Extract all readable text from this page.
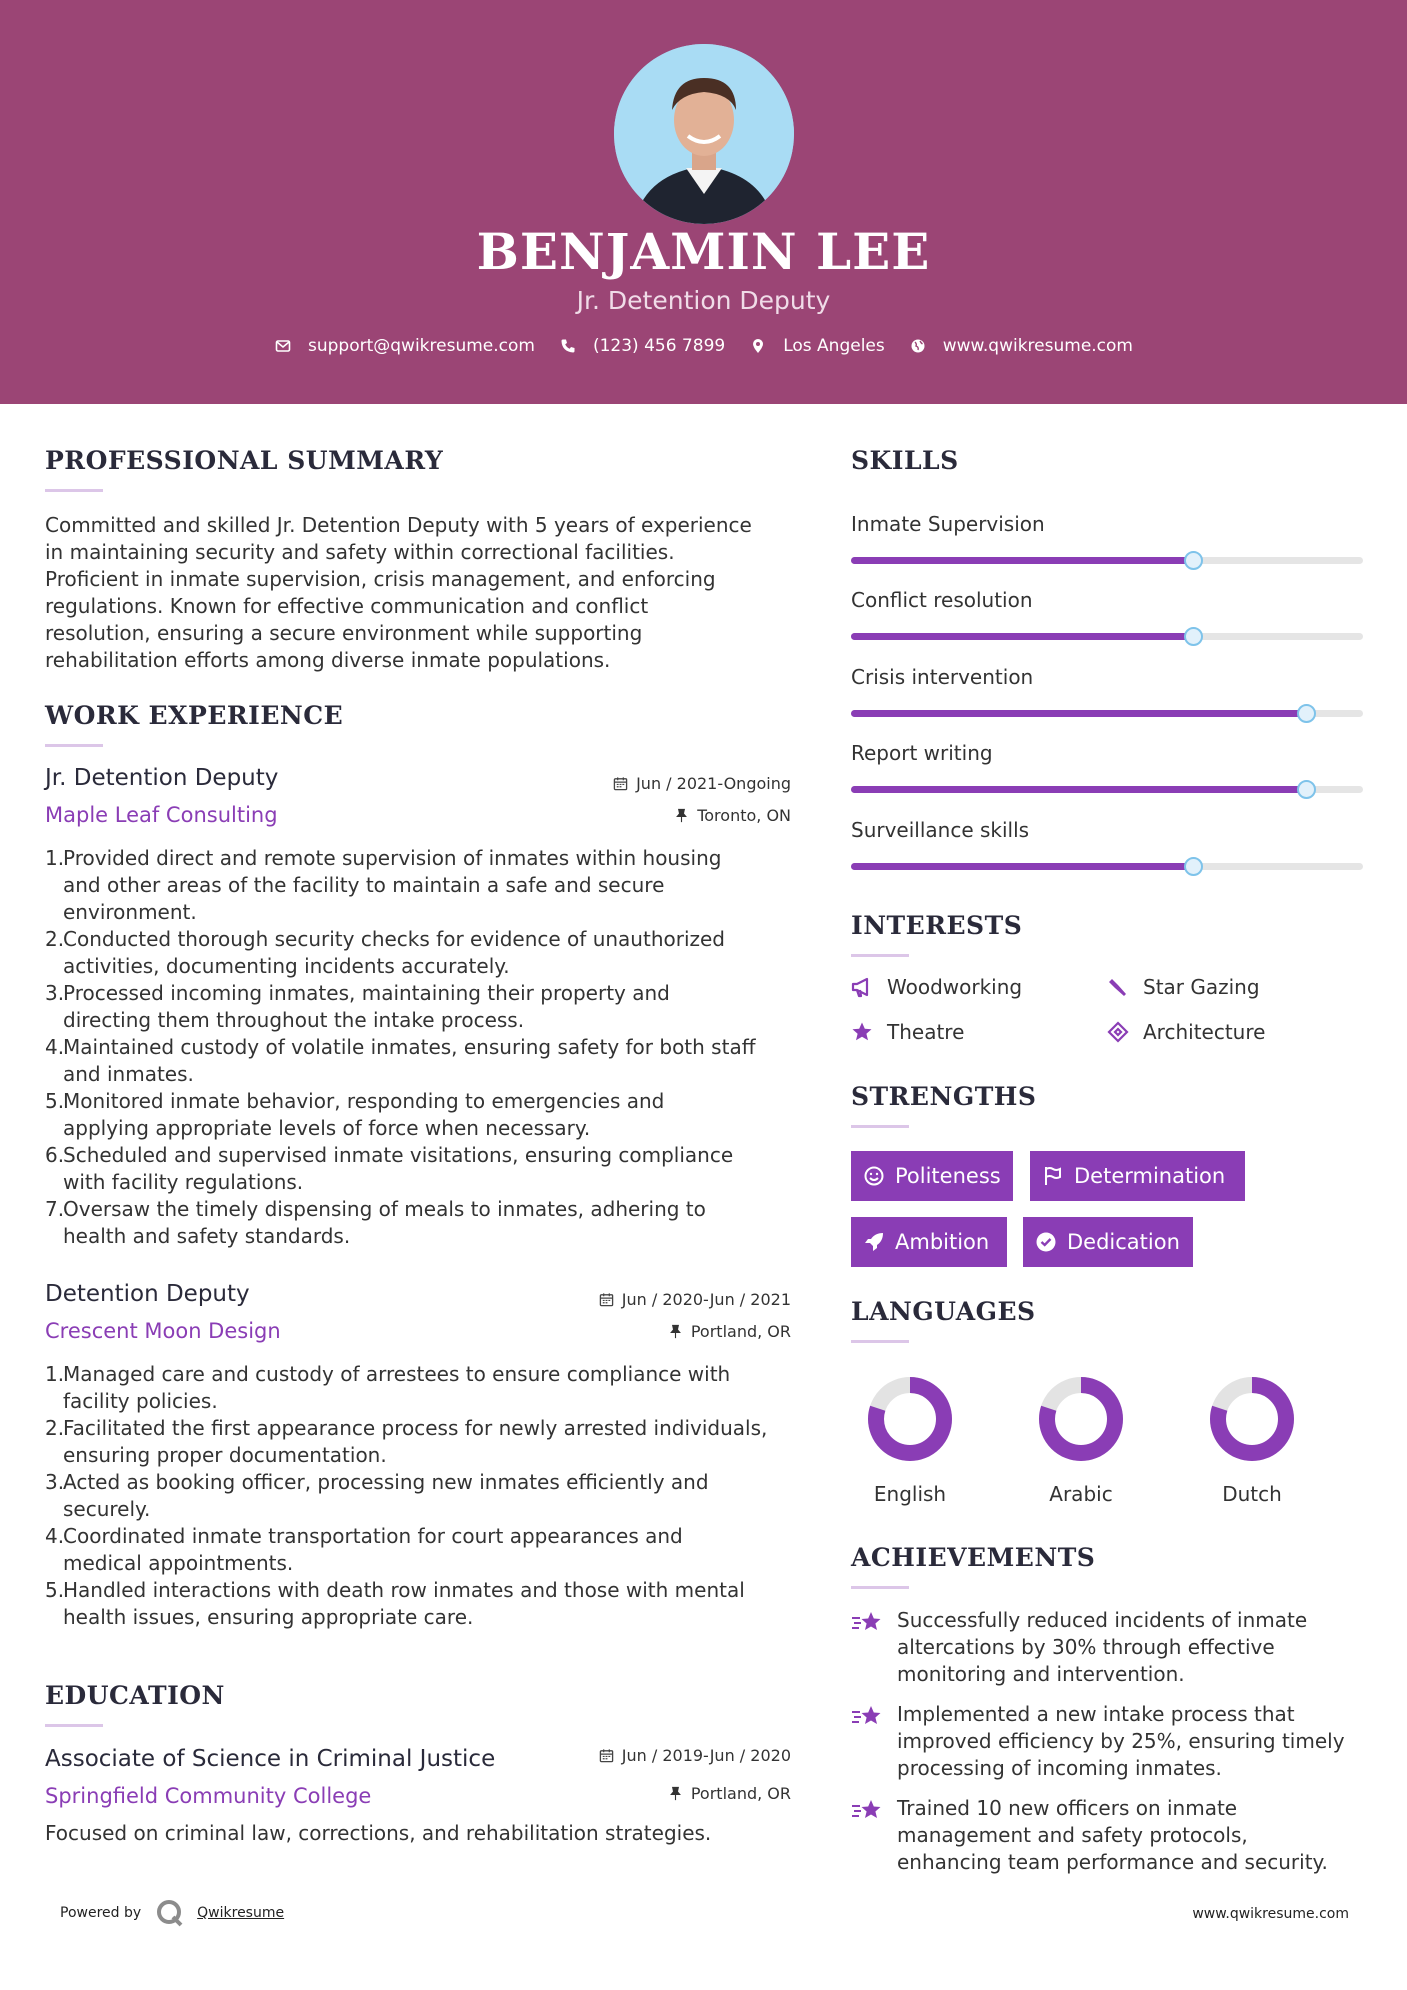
BENJAMIN LEE
Jr. Detention Deputy
support@qwikresume.com	(123) 456 7899	Los Angeles	www.qwikresume.com
PROFESSIONAL SUMMARY
Committed and skilled Jr. Detention Deputy with 5 years of experience
in maintaining security and safety within correctional facilities.
Proficient in inmate supervision, crisis management, and enforcing
regulations. Known for effective communication and conflict
resolution, ensuring a secure environment while supporting
rehabilitation efforts among diverse inmate populations.
WORK EXPERIENCE
Jr. Detention Deputy	Jun / 2021-Ongoing
Maple Leaf Consulting	Toronto, ON
1.
Provided direct and remote supervision of inmates within housing
and other areas of the facility to maintain a safe and secure
environment.
2.
Conducted thorough security checks for evidence of unauthorized
activities, documenting incidents accurately.
3.
Processed incoming inmates, maintaining their property and
directing them throughout the intake process.
4.
Maintained custody of volatile inmates, ensuring safety for both staff
and inmates.
5.
Monitored inmate behavior, responding to emergencies and
applying appropriate levels of force when necessary.
6.
Scheduled and supervised inmate visitations, ensuring compliance
with facility regulations.
7.
Oversaw the timely dispensing of meals to inmates, adhering to
health and safety standards.
Detention Deputy	Jun / 2020-Jun / 2021
Crescent Moon Design	Portland, OR
1.
Managed care and custody of arrestees to ensure compliance with
facility policies.
2.
Facilitated the first appearance process for newly arrested individuals,
ensuring proper documentation.
3.
Acted as booking officer, processing new inmates efficiently and
securely.
4.
Coordinated inmate transportation for court appearances and
medical appointments.
5.
Handled interactions with death row inmates and those with mental
health issues, ensuring appropriate care.
EDUCATION
Associate of Science in Criminal Justice	Jun / 2019-Jun / 2020
Springfield Community College	Portland, OR
Focused on criminal law, corrections, and rehabilitation strategies.
SKILLS
Inmate Supervision
Conflict resolution
Crisis intervention
Report writing
Surveillance skills
INTERESTS
Woodworking	Star Gazing
Theatre	Architecture
STRENGTHS
Politeness	Determination
Ambition	Dedication
LANGUAGES
English	Arabic	Dutch
ACHIEVEMENTS
Successfully reduced incidents of inmate
altercations by 30% through effective
monitoring and intervention.
Implemented a new intake process that
improved efficiency by 25%, ensuring timely
processing of incoming inmates.
Trained 10 new officers on inmate
management and safety protocols,
enhancing team performance and security.
Powered by	Qwikresume	www.qwikresume.com
